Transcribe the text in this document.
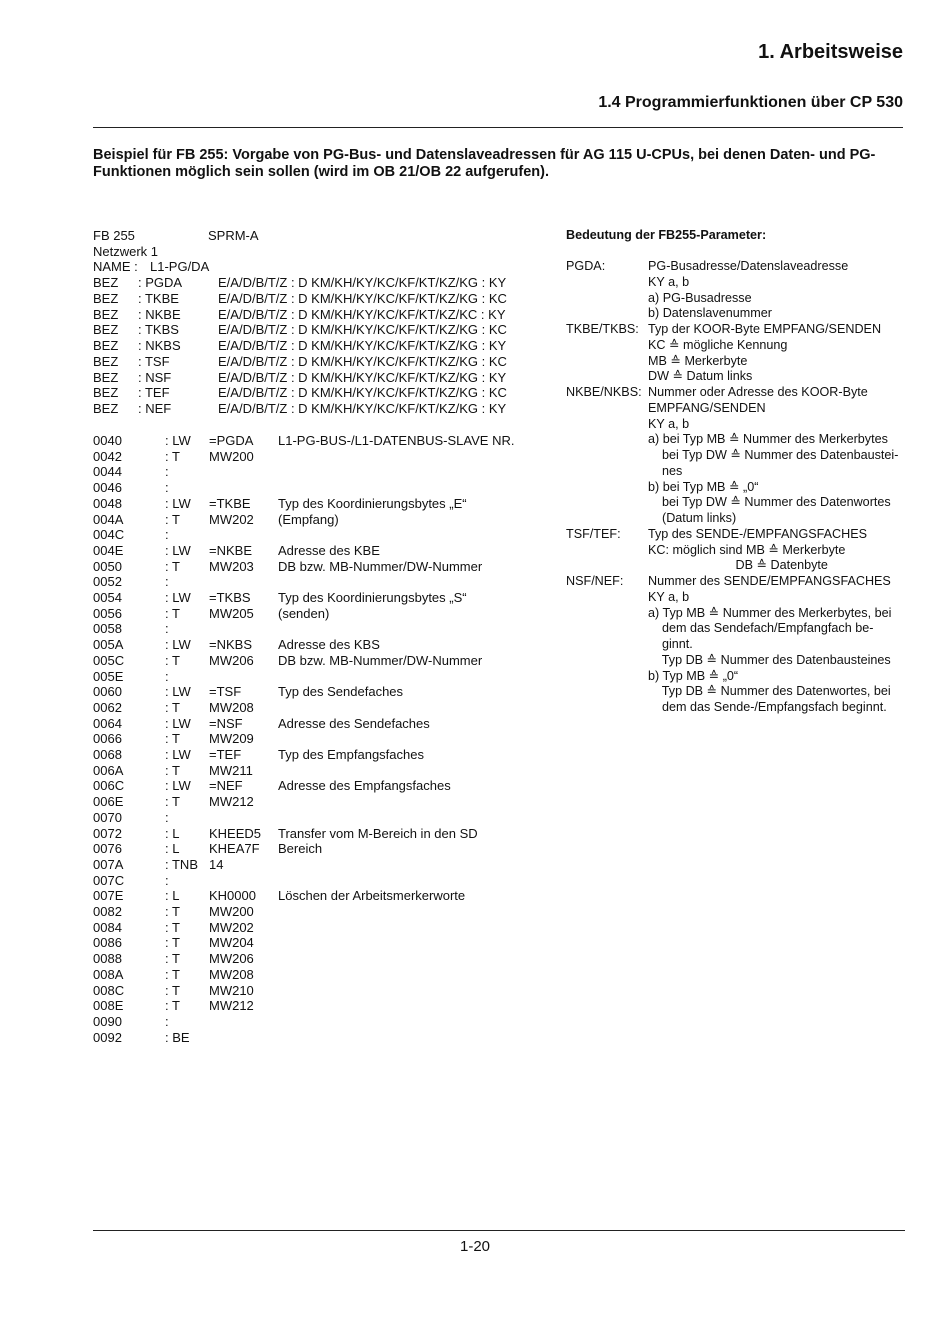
1. Arbeitsweise
1.4 Programmierfunktionen über CP 530
Beispiel für FB 255: Vorgabe von PG-Bus- und Datenslaveadressen für AG 115 U-CPUs, bei denen Daten- und PG-Funktionen möglich sein sollen (wird im OB 21/OB 22 aufgerufen).
FB 255	SPRM-A
Netzwerk 1
NAME : L1-PG/DA
BEZ : PGDA	E/A/D/B/T/Z : D KM/KH/KY/KC/KF/KT/KZ/KG : KY
BEZ : TKBE	E/A/D/B/T/Z : D KM/KH/KY/KC/KF/KT/KZ/KG : KC
BEZ : NKBE	E/A/D/B/T/Z : D KM/KH/KY/KC/KF/KT/KZ/KC : KY
BEZ : TKBS	E/A/D/B/T/Z : D KM/KH/KY/KC/KF/KT/KZ/KG : KC
BEZ : NKBS	E/A/D/B/T/Z : D KM/KH/KY/KC/KF/KT/KZ/KG : KY
BEZ : TSF	E/A/D/B/T/Z : D KM/KH/KY/KC/KF/KT/KZ/KG : KC
BEZ : NSF	E/A/D/B/T/Z : D KM/KH/KY/KC/KF/KT/KZ/KG : KY
BEZ : TEF	E/A/D/B/T/Z : D KM/KH/KY/KC/KF/KT/KZ/KG : KC
BEZ : NEF	E/A/D/B/T/Z : D KM/KH/KY/KC/KF/KT/KZ/KG : KY
0040	: LW =PGDA L1-PG-BUS-/L1-DATENBUS-SLAVE NR.
0042	: T MW200
0044	:
0046	:
0048	: LW =TKBE Typ des Koordinierungsbytes „E“
004A	: T MW202 (Empfang)
004C	:
004E	: LW =NKBE Adresse des KBE
0050	: T MW203 DB bzw. MB-Nummer/DW-Nummer
0052	:
0054	: LW =TKBS Typ des Koordinierungsbytes „S“
0056	: T MW205 (senden)
0058	:
005A	: LW =NKBS Adresse des KBS
005C	: T MW206 DB bzw. MB-Nummer/DW-Nummer
005E	:
0060	: LW =TSF	Typ des Sendefaches
0062	: T MW208
0064	: LW =NSF	Adresse des Sendefaches
0066	: T MW209
0068	: LW =TEF	Typ des Empfangsfaches
006A	: T MW211
006C	: LW =NEF	Adresse des Empfangsfaches
006E	: T MW212
0070	:
0072	: L KHEED5 Transfer vom M-Bereich in den SD
0076	: L KHEA7F Bereich
007A	: TNB 14
007C	:
007E	: L KH0000 Löschen der Arbeitsmerkerworte
0082	: T MW200
0084	: T MW202
0086	: T MW204
0088	: T MW206
008A	: T MW208
008C	: T MW210
008E	: T MW212
0090	:
0092	: BE
Bedeutung der FB255-Parameter:
PGDA:	PG-Busadresse/Datenslaveadresse
KY a, b
a) PG-Busadresse
b) Datenslavenummer
TKBE/TKBS: Typ der KOOR-Byte EMPFANG/SENDEN
KC ≙ mögliche Kennung
MB ≙ Merkerbyte
DW ≙ Datum links
NKBE/NKBS: Nummer oder Adresse des KOOR-Byte
EMPFANG/SENDEN
KY a, b
a) bei Typ MB ≙ Nummer des Merkerbytes
bei Typ DW ≙ Nummer des Datenbaustei-
nes
b) bei Typ MB ≙ „0“
bei Typ DW ≙ Nummer des Datenwortes
(Datum links)
TSF/TEF: Typ des SENDE-/EMPFANGSFACHES
KC: möglich sind MB ≙ Merkerbyte
DB ≙ Datenbyte
NSF/NEF: Nummer des SENDE/EMPFANGSFACHES
KY a, b
a) Typ MB ≙ Nummer des Merkerbytes, bei
dem das Sendefach/Empfangfach be-
ginnt.
Typ DB ≙ Nummer des Datenbausteines
b) Typ MB ≙ „0“
Typ DB ≙ Nummer des Datenwortes, bei
dem das Sende-/Empfangsfach beginnt.
1-20
